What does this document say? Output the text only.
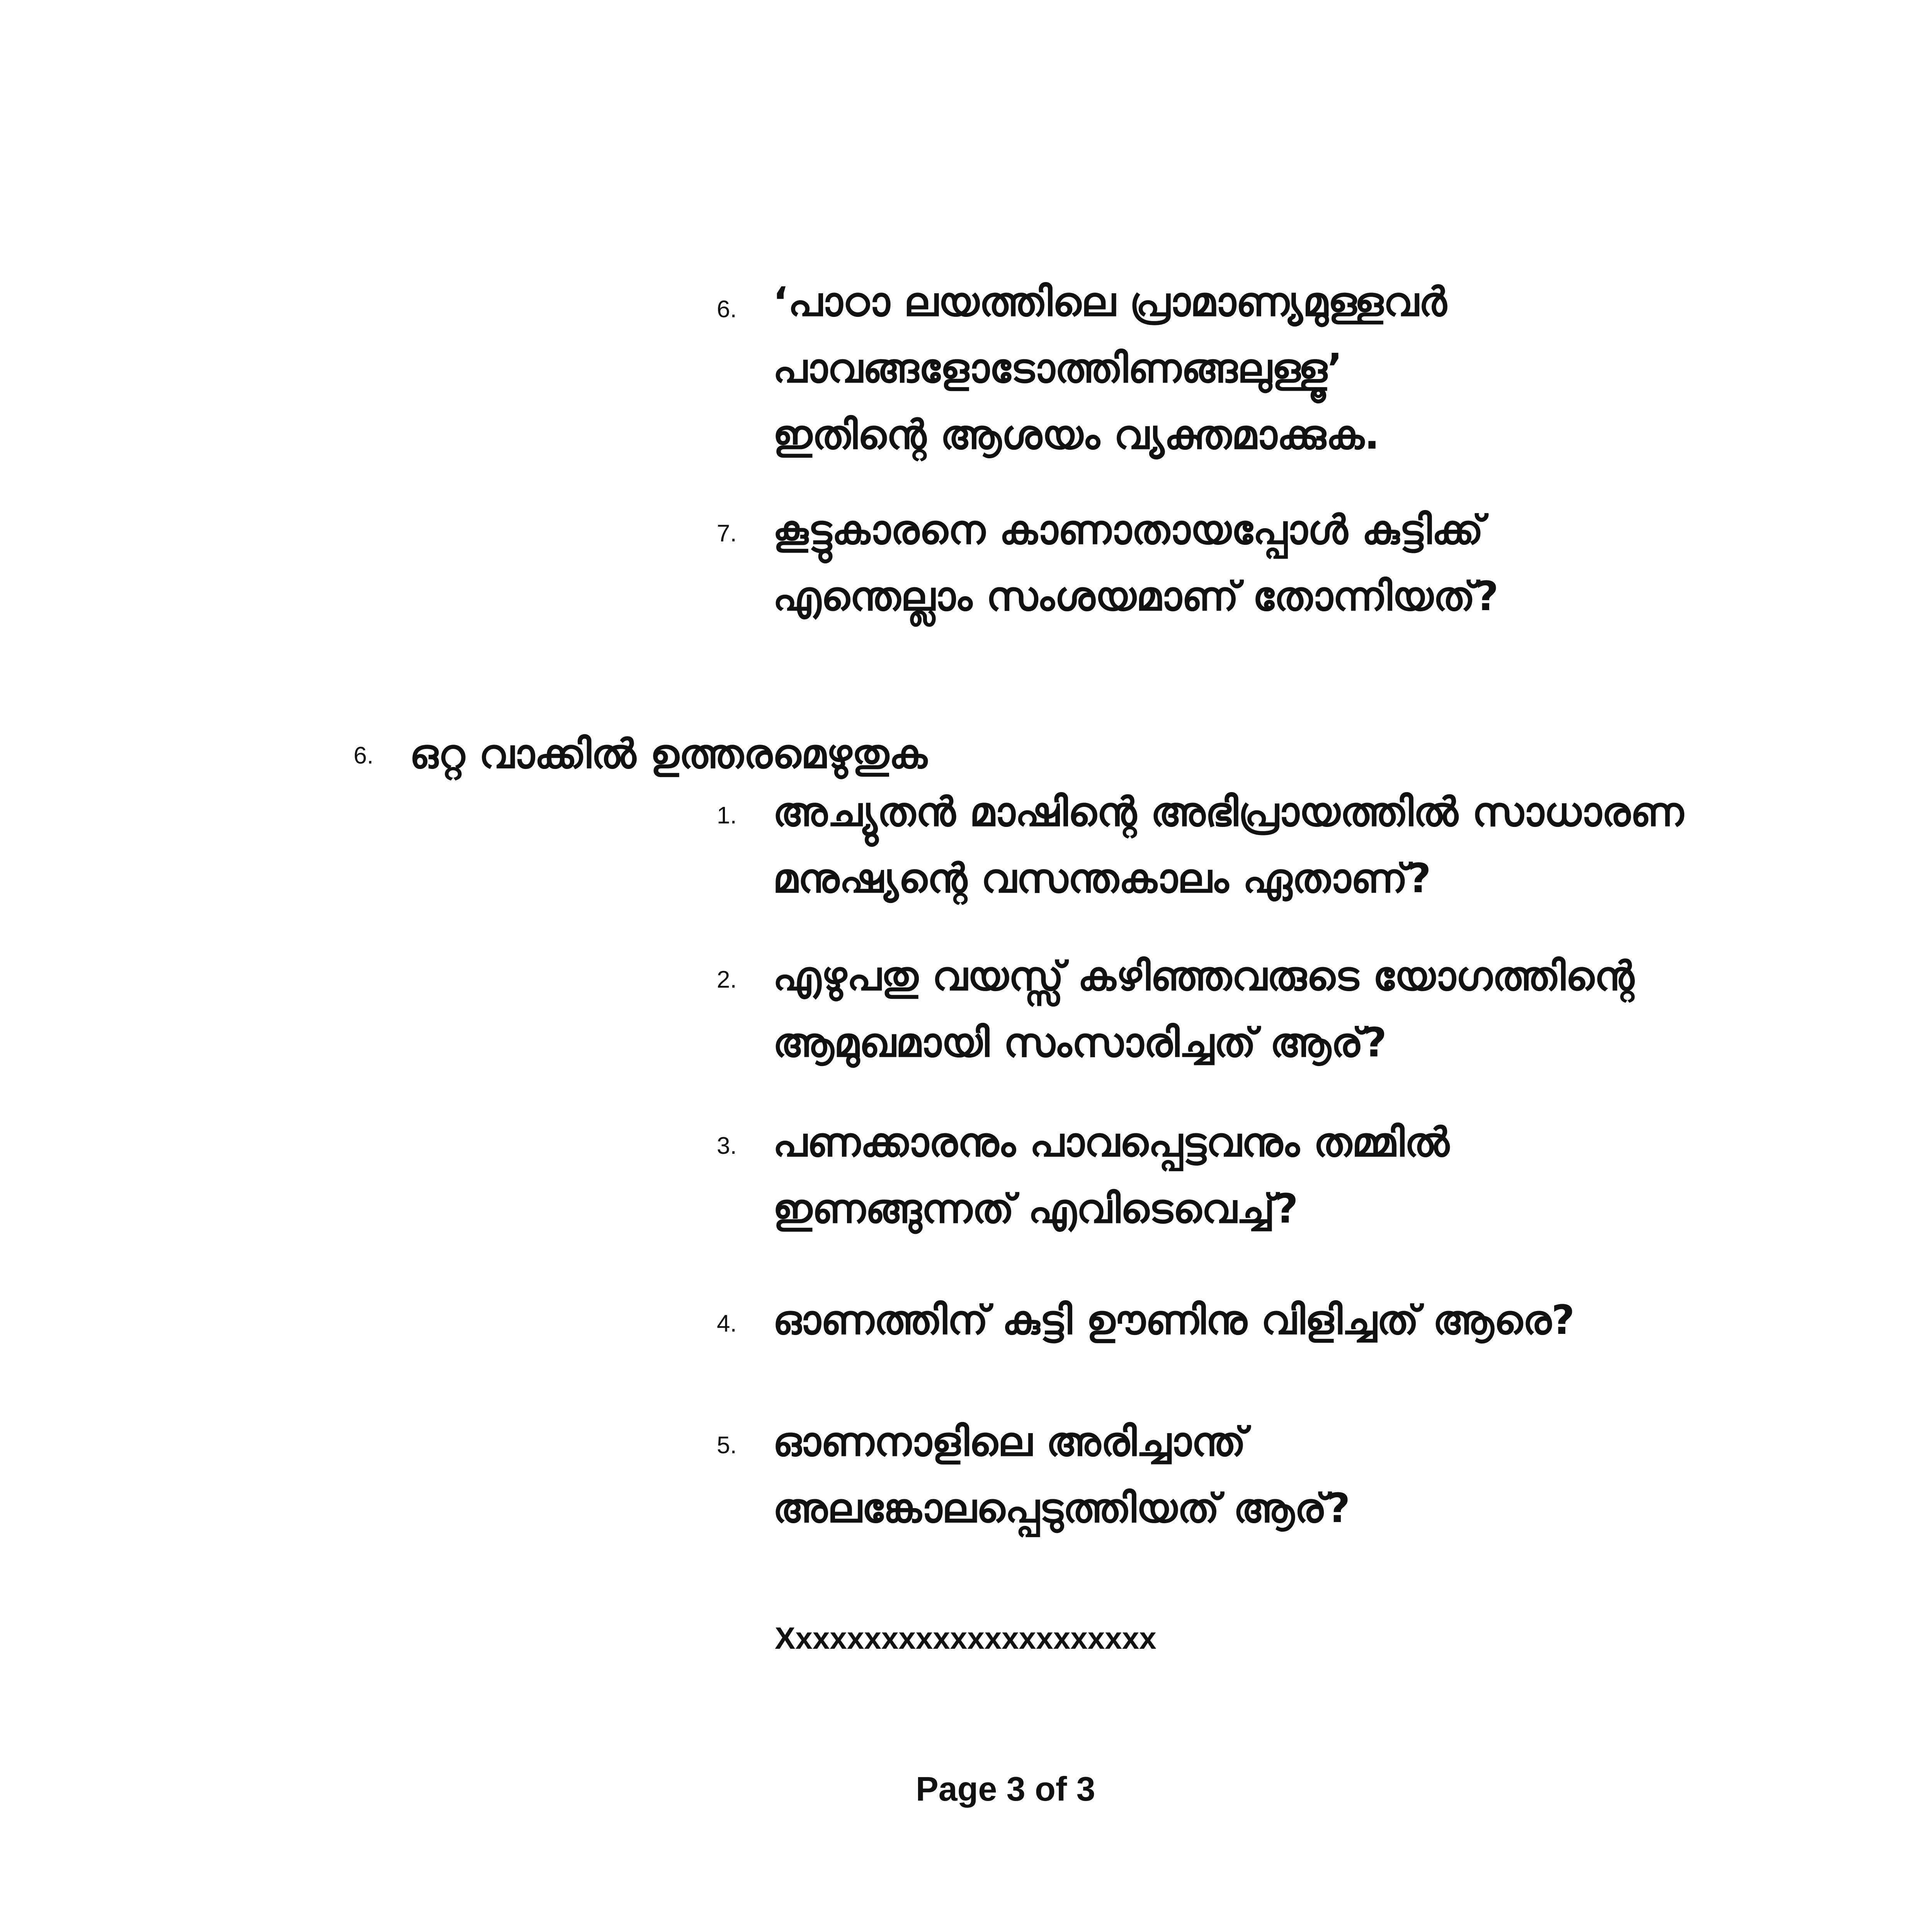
6. ‘പാഠാ ലയത്തിലെ പ്രാമാണ്യമുള്ളവർ
പാവങ്ങളോടോത്തിണങ്ങലുള്ളൂ’
ഇതിന്റെ ആശയം വ്യക്തമാക്കുക.
7. കൂട്ടുകാരനെ കാണാതായപ്പോൾ കുട്ടിക്ക്
എന്തെല്ലാം സംശയമാണ് തോന്നിയത്?
6. ഒറ്റ വാക്കിൽ ഉത്തരമെഴുതുക
1. അച്യുതൻ മാഷിന്റെ അഭിപ്രായത്തിൽ സാധാരണ
മനുഷ്യന്റെ വസന്തകാലം ഏതാണ്?
2. എഴുപതു വയസ്സ് കഴിഞ്ഞവരുടെ യോഗത്തിന്റെ
ആമുഖമായി സംസാരിച്ചത് ആര്?
3. പണക്കാരനും പാവപ്പെട്ടവനും തമ്മിൽ
ഇണങ്ങുന്നത് എവിടെവെച്ച്?
4. ഓണത്തിന് കുട്ടി ഊണിനു വിളിച്ചത് ആരെ?
5. ഓണനാളിലെ അരിച്ചാന്ത്
അലങ്കോലപ്പെടുത്തിയത് ആര്?
Xxxxxxxxxxxxxxxxxxxxxx
Page 3 of 3
